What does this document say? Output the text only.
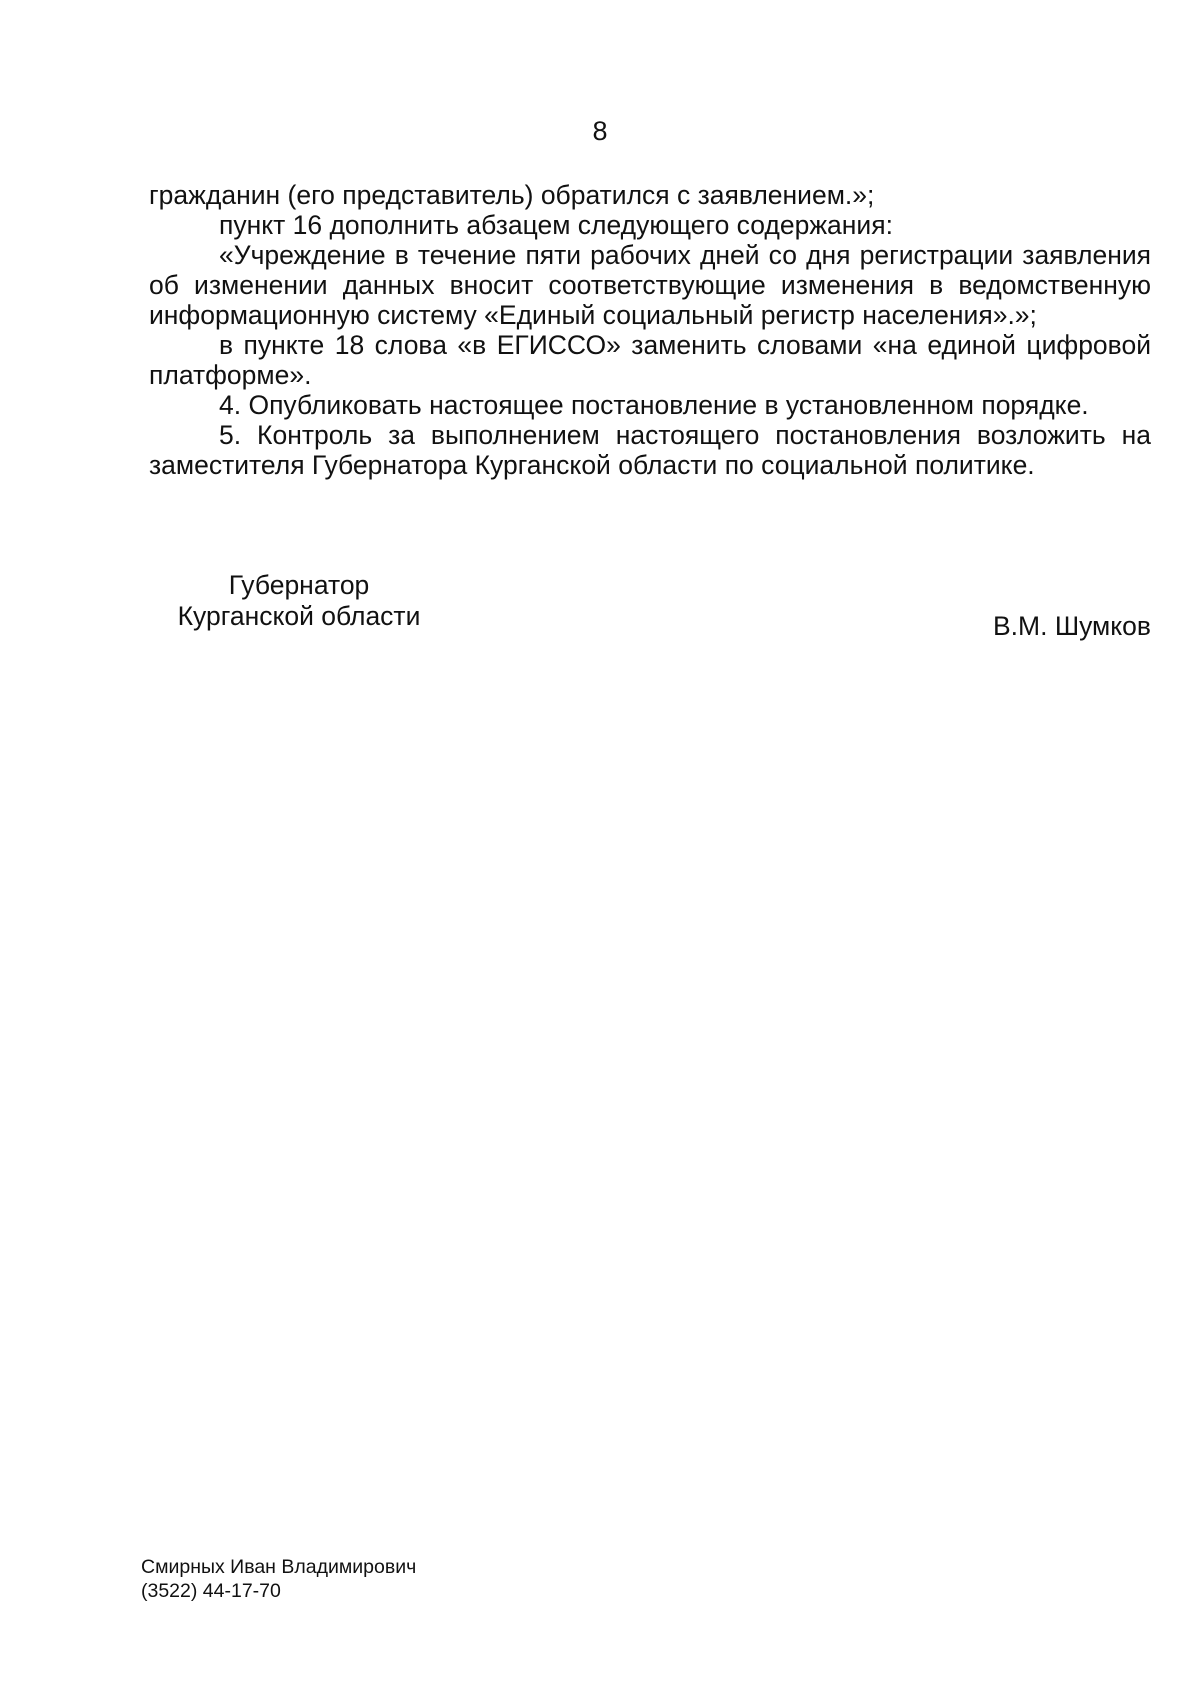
8

гражданин (его представитель) обратился с заявлением.»;

пункт 16 дополнить абзацем следующего содержания:

«Учреждение в течение пяти рабочих дней со дня регистрации заявления об изменении данных вносит соответствующие изменения в ведомственную информационную систему «Единый социальный регистр населения».»;

в пункте 18 слова «в ЕГИССО» заменить словами «на единой цифровой платформе».

4. Опубликовать настоящее постановление в установленном порядке.

5. Контроль за выполнением настоящего постановления возложить на заместителя Губернатора Курганской области по социальной политике.

Губернатор
Курганской области	В.М. Шумков
Смирных Иван Владимирович
(3522) 44-17-70
